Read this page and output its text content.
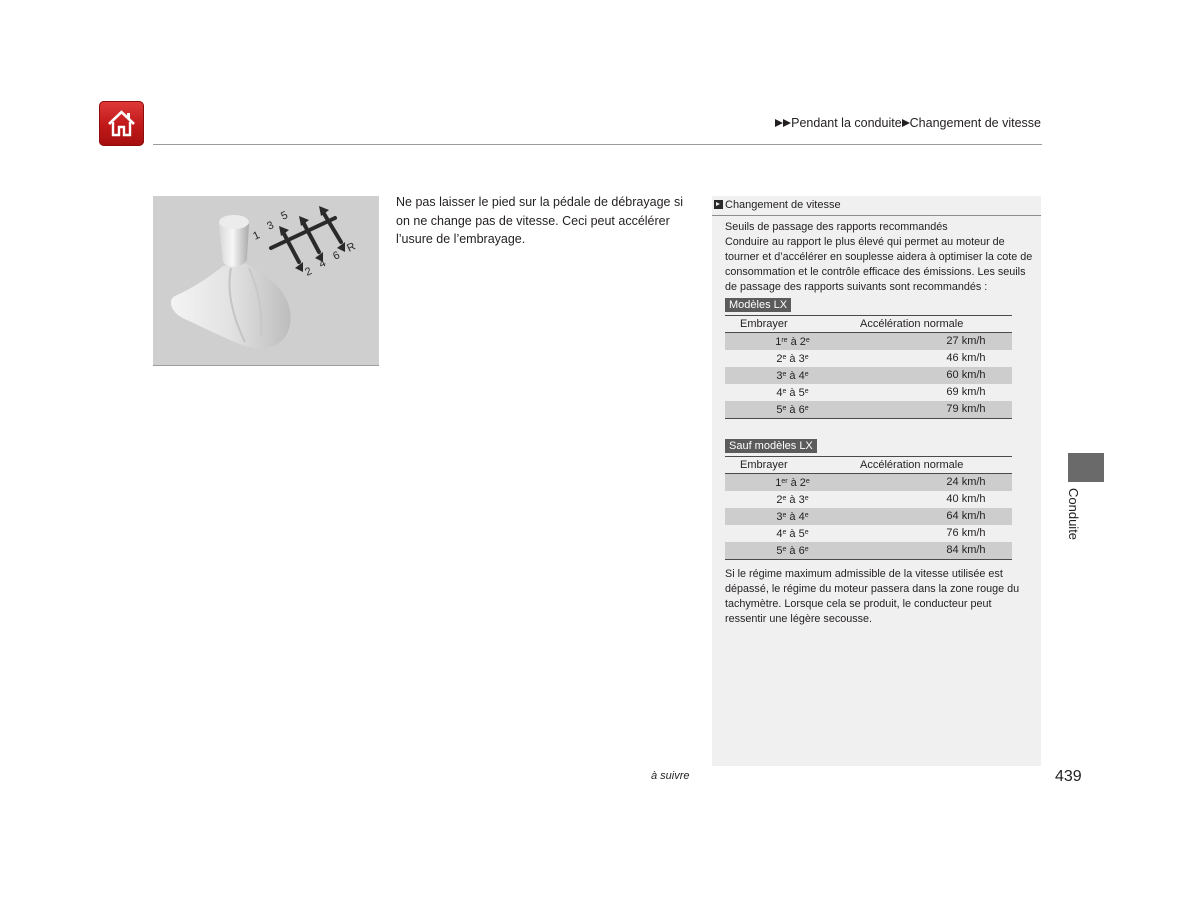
Pendant la conduite Changement de vitesse
1
3
5
2
4
6
R
Ne pas laisser le pied sur la pédale de débrayage si on ne change pas de vitesse. Ceci peut accélérer l’usure de l’embrayage.
Changement de vitesse
Seuils de passage des rapports recommandés
Conduire au rapport le plus élevé qui permet au moteur de tourner et d’accélérer en souplesse aidera à optimiser la cote de consommation et le contrôle efficace des émissions. Les seuils de passage des rapports suivants sont recommandés :
Modèles LX
Embrayer	Accélération normale
1re à 2e	27 km/h
2e à 3e	46 km/h
3e à 4e	60 km/h
4e à 5e	69 km/h
5e à 6e	79 km/h
Sauf modèles LX
Embrayer	Accélération normale
1er à 2e	24 km/h
2e à 3e	40 km/h
3e à 4e	64 km/h
4e à 5e	76 km/h
5e à 6e	84 km/h
Si le régime maximum admissible de la vitesse utilisée est dépassé, le régime du moteur passera dans la zone rouge du tachymètre. Lorsque cela se produit, le conducteur peut ressentir une légère secousse.
Conduite
à suivre	439
